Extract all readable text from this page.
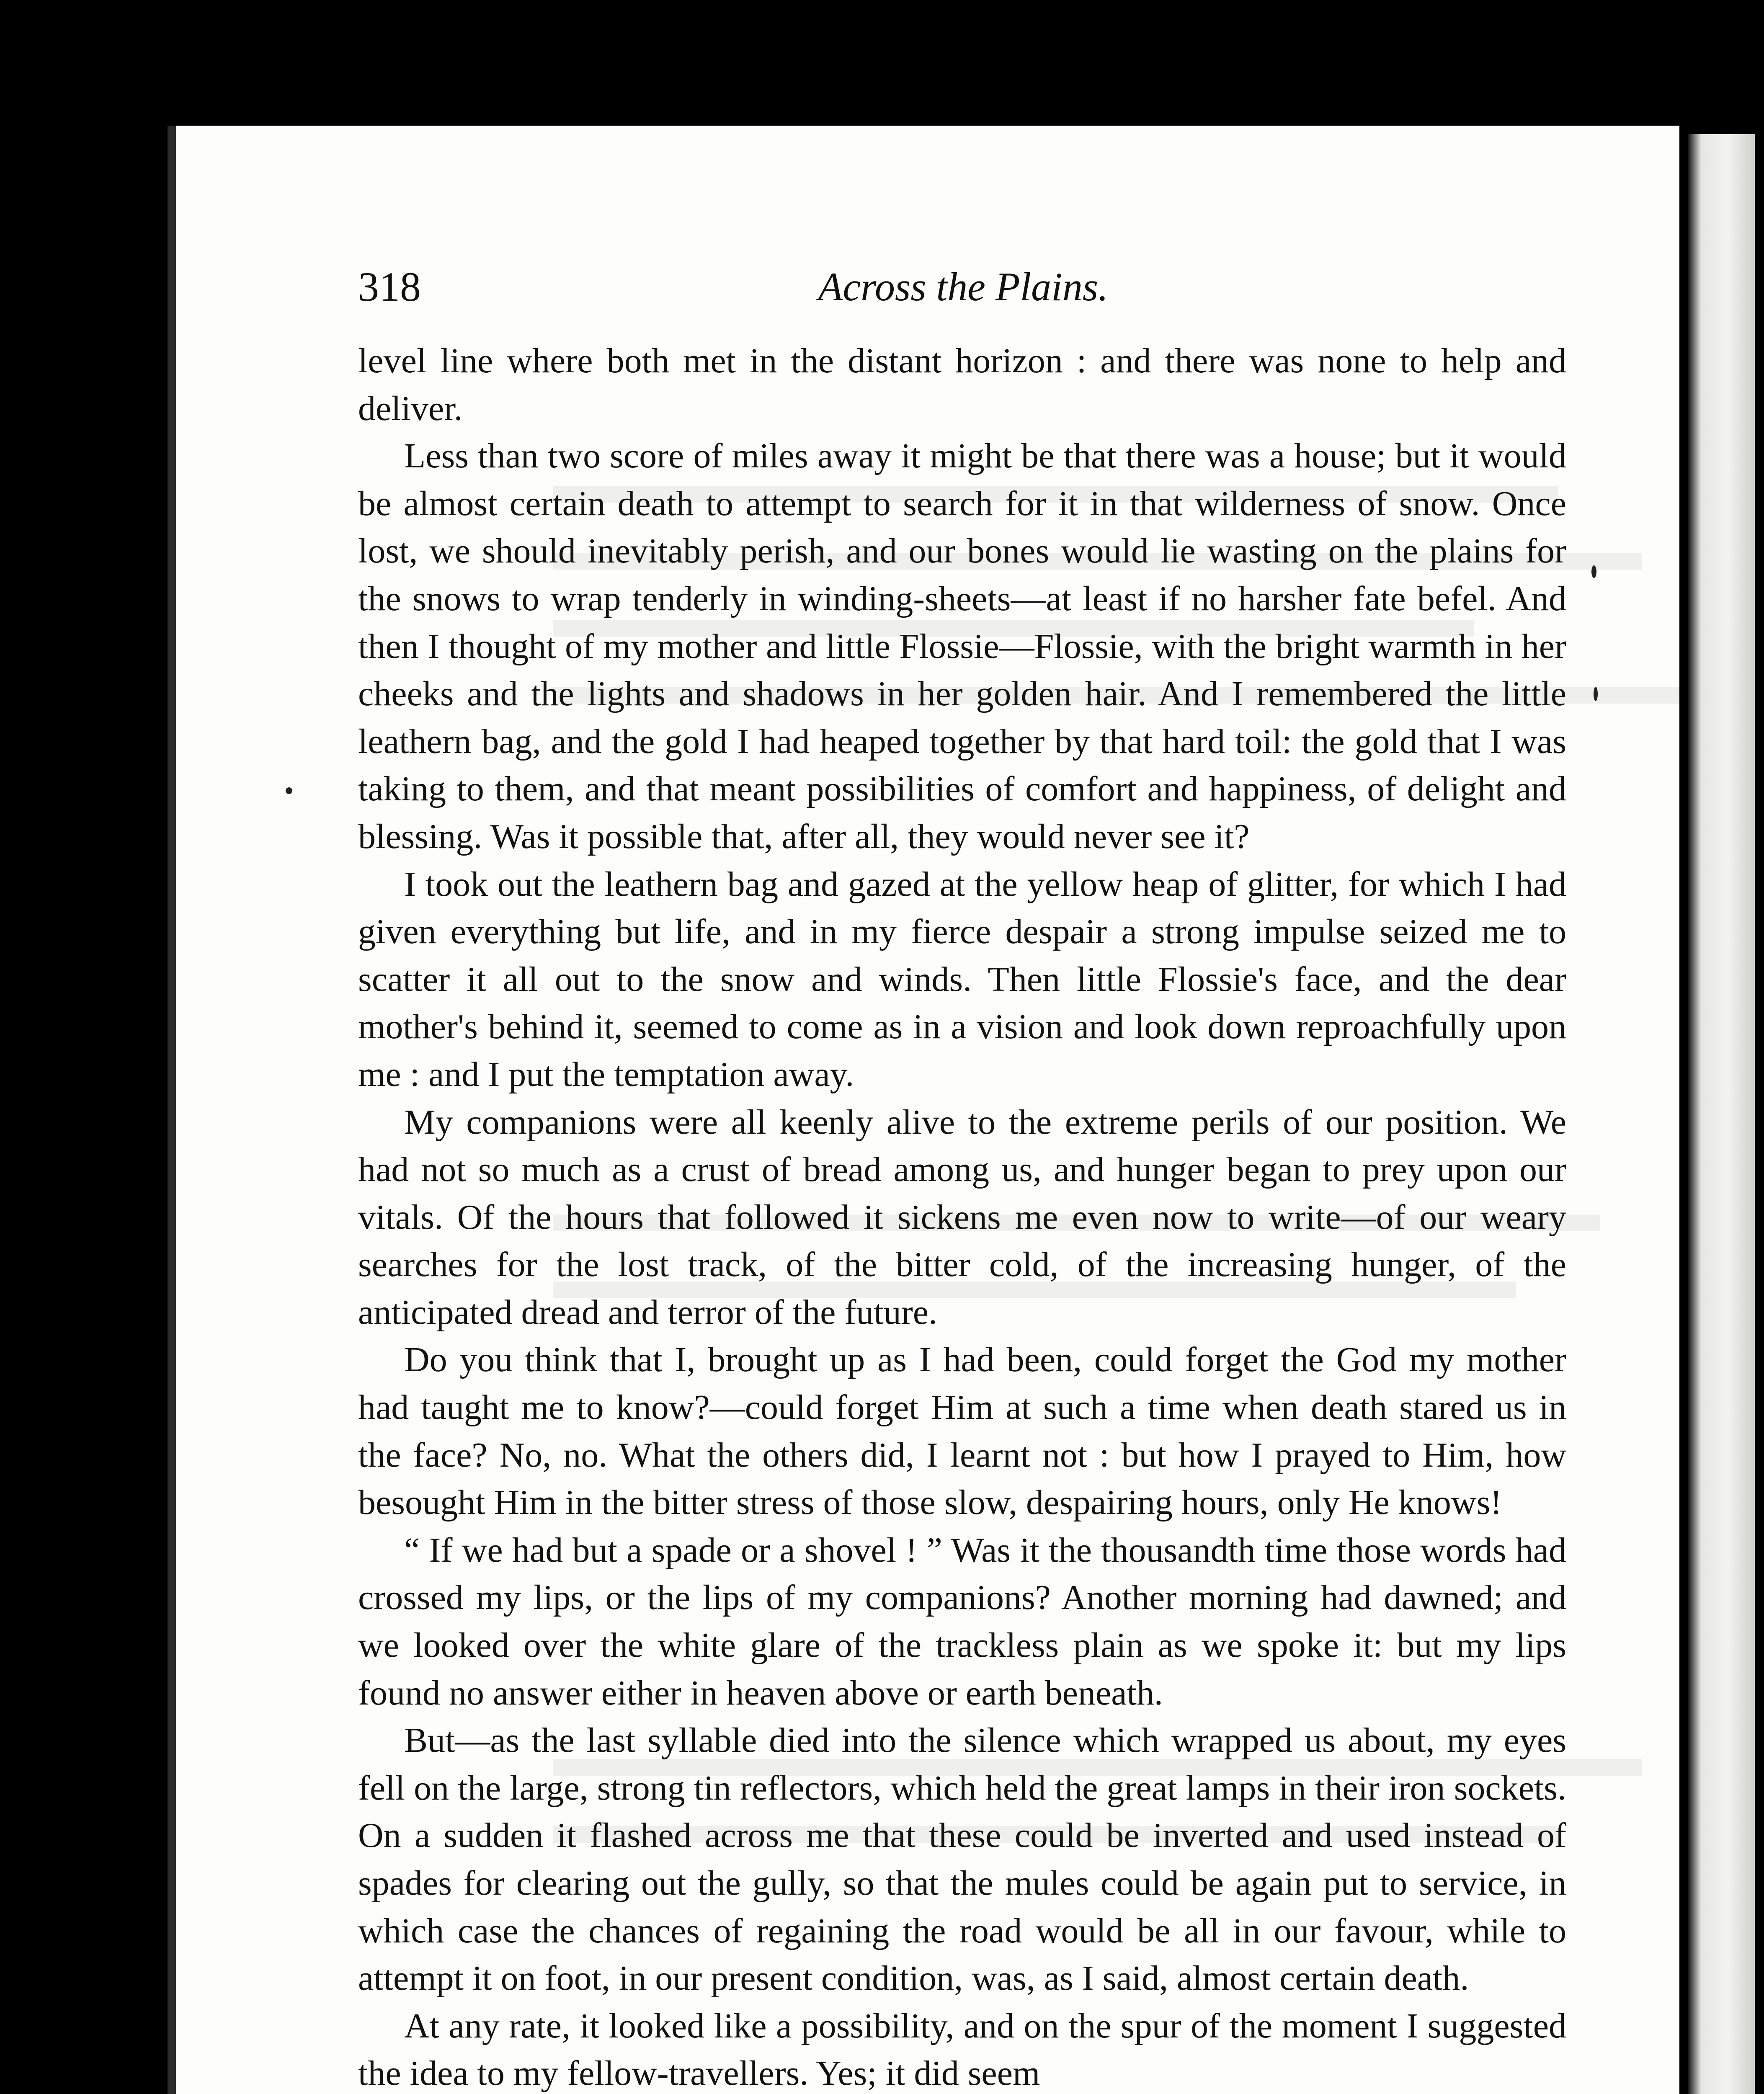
318	Across the Plains.

level line where both met in the distant horizon : and there was none to help and deliver.

Less than two score of miles away it might be that there was a house; but it would be almost certain death to attempt to search for it in that wilderness of snow. Once lost, we should inevitably perish, and our bones would lie wasting on the plains for the snows to wrap tenderly in winding-sheets—at least if no harsher fate befel. And then I thought of my mother and little Flossie—Flossie, with the bright warmth in her cheeks and the lights and shadows in her golden hair. And I remembered the little leathern bag, and the gold I had heaped together by that hard toil: the gold that I was taking to them, and that meant possibilities of comfort and happiness, of delight and blessing. Was it possible that, after all, they would never see it?

I took out the leathern bag and gazed at the yellow heap of glitter, for which I had given everything but life, and in my fierce despair a strong impulse seized me to scatter it all out to the snow and winds. Then little Flossie's face, and the dear mother's behind it, seemed to come as in a vision and look down reproachfully upon me : and I put the temptation away.

My companions were all keenly alive to the extreme perils of our position. We had not so much as a crust of bread among us, and hunger began to prey upon our vitals. Of the hours that followed it sickens me even now to write—of our weary searches for the lost track, of the bitter cold, of the increasing hunger, of the anticipated dread and terror of the future.

Do you think that I, brought up as I had been, could forget the God my mother had taught me to know?—could forget Him at such a time when death stared us in the face? No, no. What the others did, I learnt not : but how I prayed to Him, how besought Him in the bitter stress of those slow, despairing hours, only He knows!

“ If we had but a spade or a shovel ! ” Was it the thousandth time those words had crossed my lips, or the lips of my companions? Another morning had dawned; and we looked over the white glare of the trackless plain as we spoke it: but my lips found no answer either in heaven above or earth beneath.

But—as the last syllable died into the silence which wrapped us about, my eyes fell on the large, strong tin reflectors, which held the great lamps in their iron sockets. On a sudden it flashed across me that these could be inverted and used instead of spades for clearing out the gully, so that the mules could be again put to service, in which case the chances of regaining the road would be all in our favour, while to attempt it on foot, in our present condition, was, as I said, almost certain death.

At any rate, it looked like a possibility, and on the spur of the moment I suggested the idea to my fellow-travellers. Yes; it did seem
